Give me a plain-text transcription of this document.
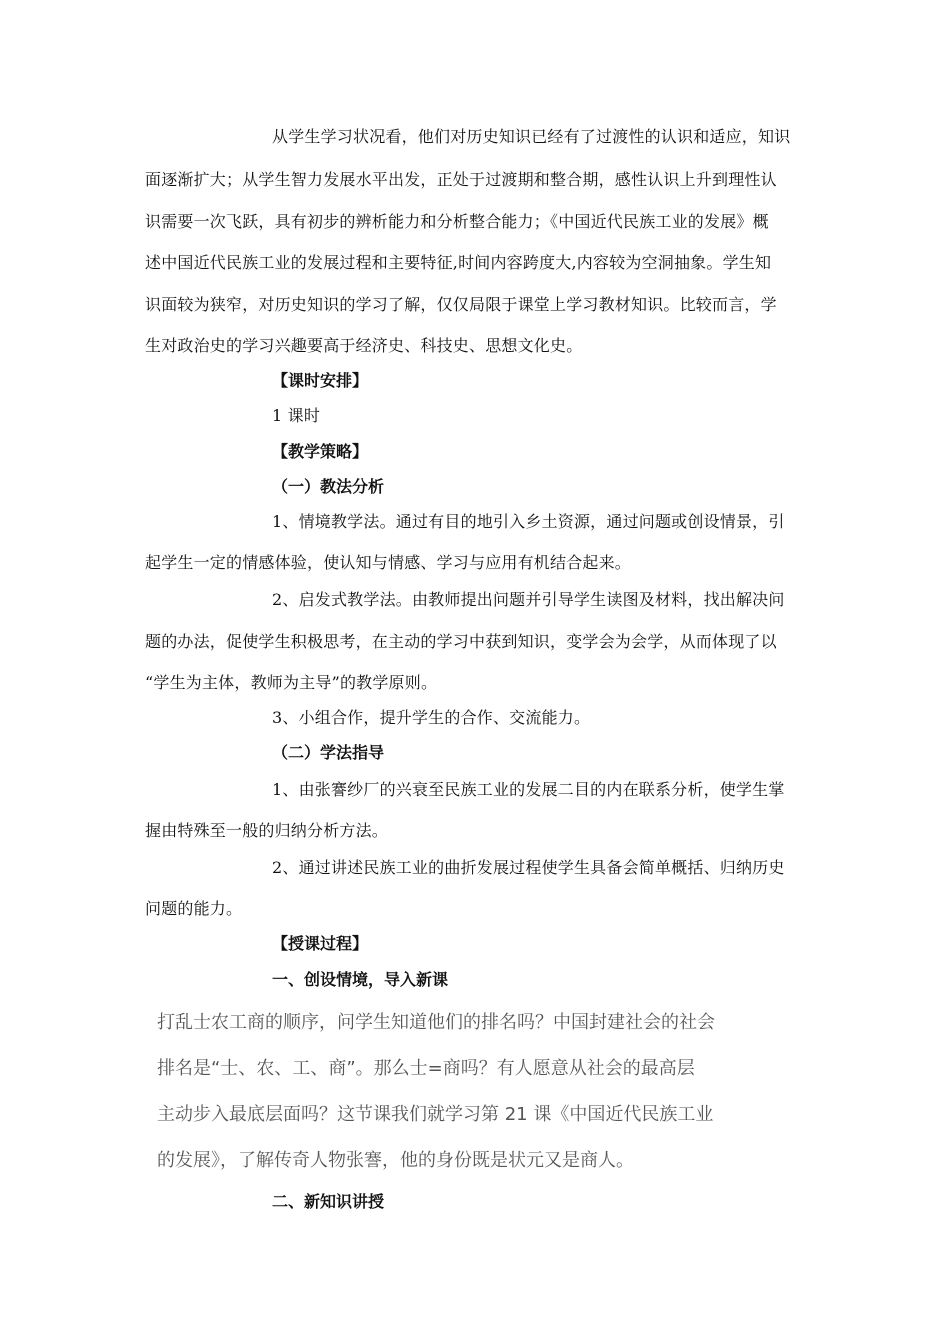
从学生学习状况看，他们对历史知识已经有了过渡性的认识和适应，知识
面逐渐扩大；从学生智力发展水平出发，正处于过渡期和整合期，感性认识上升到理性认
识需要一次飞跃，具有初步的辨析能力和分析整合能力；《中国近代民族工业的发展》概
述中国近代民族工业的发展过程和主要特征,时间内容跨度大,内容较为空洞抽象。学生知
识面较为狭窄，对历史知识的学习了解，仅仅局限于课堂上学习教材知识。比较而言，学
生对政治史的学习兴趣要高于经济史、科技史、思想文化史。
【课时安排】
1 课时
【教学策略】
（一）教法分析
1、情境教学法。通过有目的地引入乡土资源，通过问题或创设情景，引
起学生一定的情感体验，使认知与情感、学习与应用有机结合起来。
2、启发式教学法。由教师提出问题并引导学生读图及材料，找出解决问
题的办法，促使学生积极思考，在主动的学习中获到知识，变学会为会学，从而体现了以
“学生为主体，教师为主导”的教学原则。
3、小组合作，提升学生的合作、交流能力。
（二）学法指导
1、由张謇纱厂的兴衰至民族工业的发展二目的内在联系分析，使学生掌
握由特殊至一般的归纳分析方法。
2、通过讲述民族工业的曲折发展过程使学生具备会简单概括、归纳历史
问题的能力。
【授课过程】
一、创设情境，导入新课
打乱士农工商的顺序，问学生知道他们的排名吗？中国封建社会的社会
排名是“士、农、工、商”。那么士=商吗？有人愿意从社会的最高层
主动步入最底层面吗？这节课我们就学习第 21 课《中国近代民族工业
的发展》，了解传奇人物张謇，他的身份既是状元又是商人。
二、新知识讲授
